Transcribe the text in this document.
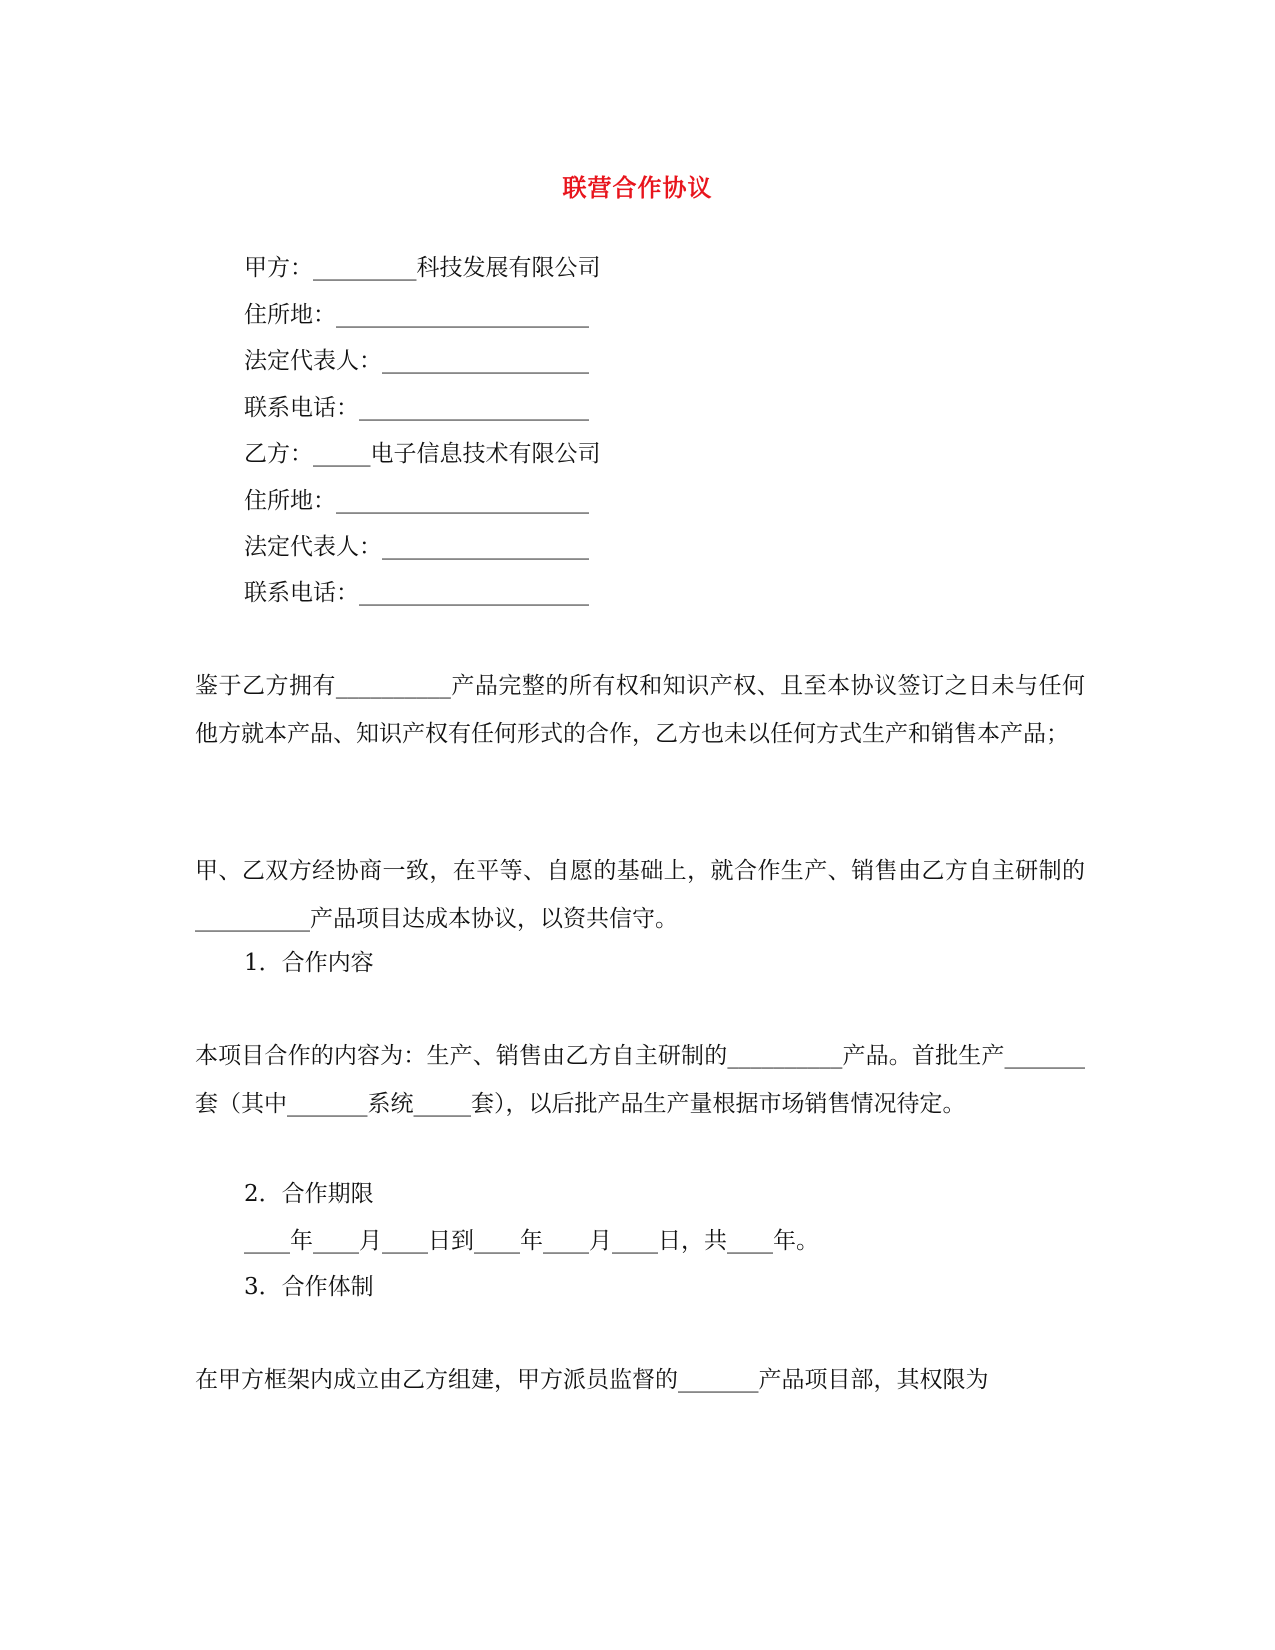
联营合作协议
甲方：_________科技发展有限公司
住所地：______________________
法定代表人：__________________
联系电话：____________________
乙方：_____电子信息技术有限公司
住所地：______________________
法定代表人：__________________
联系电话：____________________
鉴于乙方拥有__________产品完整的所有权和知识产权、且至本协议签订之日未与任何他方就本产品、知识产权有任何形式的合作，乙方也未以任何方式生产和销售本产品；
甲、乙双方经协商一致，在平等、自愿的基础上，就合作生产、销售由乙方自主研制的__________产品项目达成本协议，以资共信守。
1．合作内容
本项目合作的内容为：生产、销售由乙方自主研制的__________产品。首批生产_______套（其中_______系统_____套），以后批产品生产量根据市场销售情况待定。
2．合作期限
____年____月____日到____年____月____日，共____年。
3．合作体制
在甲方框架内成立由乙方组建，甲方派员监督的_______产品项目部，其权限为
